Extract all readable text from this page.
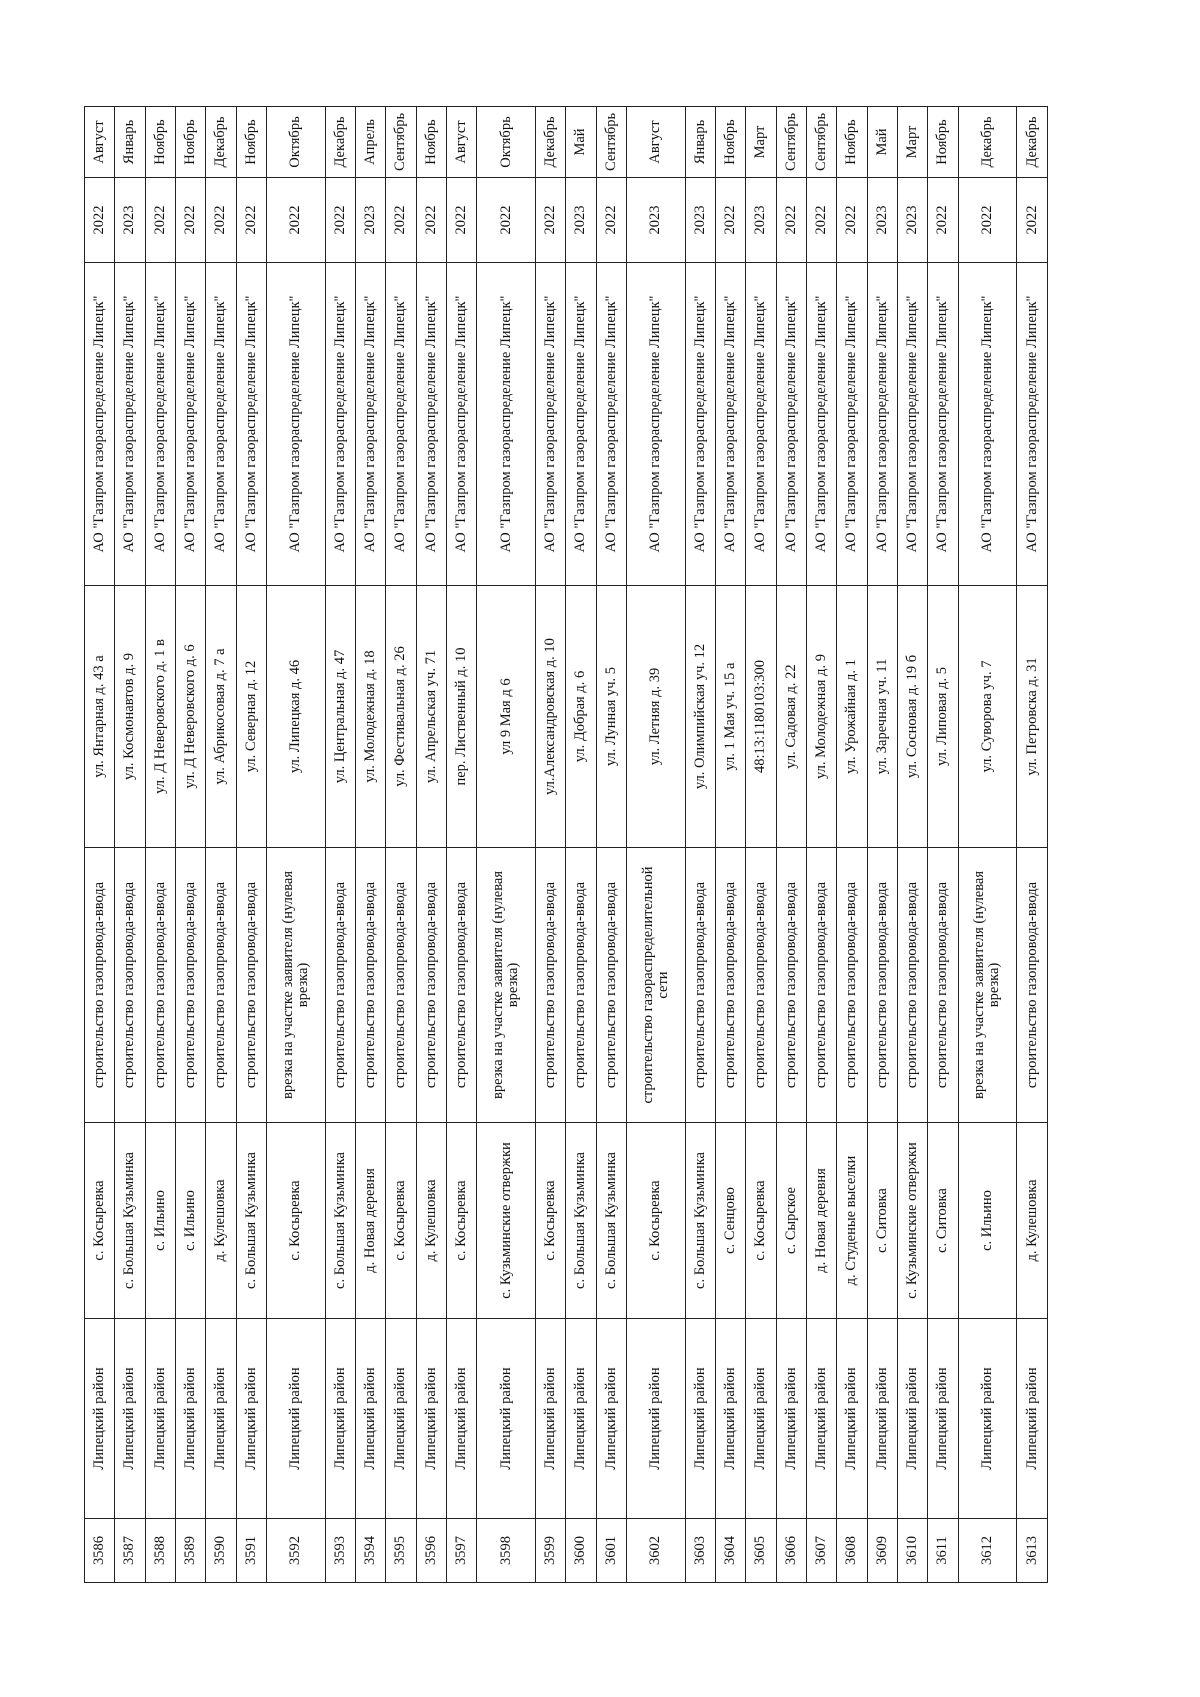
3586	Липецкий район	с. Косыревка	строительство газопровода-ввода	ул. Янтарная д. 43 а	АО "Газпром газораспределение Липецк"	2022	Август
3587	Липецкий район	с. Большая Кузьминка	строительство газопровода-ввода	ул. Космонавтов д. 9	АО "Газпром газораспределение Липецк"	2023	Январь
3588	Липецкий район	с. Ильино	строительство газопровода-ввода	ул. Д Неверовского д. 1 в	АО "Газпром газораспределение Липецк"	2022	Ноябрь
3589	Липецкий район	с. Ильино	строительство газопровода-ввода	ул. Д Неверовского д. 6	АО "Газпром газораспределение Липецк"	2022	Ноябрь
3590	Липецкий район	д. Кулешовка	строительство газопровода-ввода	ул. Абрикосовая д. 7 а	АО "Газпром газораспределение Липецк"	2022	Декабрь
3591	Липецкий район	с. Большая Кузьминка	строительство газопровода-ввода	ул. Северная д. 12	АО "Газпром газораспределение Липецк"	2022	Ноябрь
3592	Липецкий район	с. Косыревка	врезка на участке заявителя (нулевая врезка)	ул. Липецкая д. 46	АО "Газпром газораспределение Липецк"	2022	Октябрь
3593	Липецкий район	с. Большая Кузьминка	строительство газопровода-ввода	ул. Центральная д. 47	АО "Газпром газораспределение Липецк"	2022	Декабрь
3594	Липецкий район	д. Новая деревня	строительство газопровода-ввода	ул. Молодежная д. 18	АО "Газпром газораспределение Липецк"	2023	Апрель
3595	Липецкий район	с. Косыревка	строительство газопровода-ввода	ул. Фестивальная д. 26	АО "Газпром газораспределение Липецк"	2022	Сентябрь
3596	Липецкий район	д. Кулешовка	строительство газопровода-ввода	ул. Апрельская уч. 71	АО "Газпром газораспределение Липецк"	2022	Ноябрь
3597	Липецкий район	с. Косыревка	строительство газопровода-ввода	пер. Лиственный д. 10	АО "Газпром газораспределение Липецк"	2022	Август
3598	Липецкий район	с. Кузьминские отвержки	врезка на участке заявителя (нулевая врезка)	ул 9 Мая д 6	АО "Газпром газораспределение Липецк"	2022	Октябрь
3599	Липецкий район	с. Косыревка	строительство газопровода-ввода	ул.Александровская д. 10	АО "Газпром газораспределение Липецк"	2022	Декабрь
3600	Липецкий район	с. Большая Кузьминка	строительство газопровода-ввода	ул. Добрая д. 6	АО "Газпром газораспределение Липецк"	2023	Май
3601	Липецкий район	с. Большая Кузьминка	строительство газопровода-ввода	ул. Лунная уч. 5	АО "Газпром газораспределение Липецк"	2022	Сентябрь
3602	Липецкий район	с. Косыревка	строительство газораспределительной сети	ул. Летняя д. 39	АО "Газпром газораспределение Липецк"	2023	Август
3603	Липецкий район	с. Большая Кузьминка	строительство газопровода-ввода	ул. Олимпийская уч. 12	АО "Газпром газораспределение Липецк"	2023	Январь
3604	Липецкий район	с. Сенцово	строительство газопровода-ввода	ул. 1 Мая уч. 15 а	АО "Газпром газораспределение Липецк"	2022	Ноябрь
3605	Липецкий район	с. Косыревка	строительство газопровода-ввода	48:13:1180103:300	АО "Газпром газораспределение Липецк"	2023	Март
3606	Липецкий район	с. Сырское	строительство газопровода-ввода	ул. Садовая д. 22	АО "Газпром газораспределение Липецк"	2022	Сентябрь
3607	Липецкий район	д. Новая деревня	строительство газопровода-ввода	ул. Молодежная д. 9	АО "Газпром газораспределение Липецк"	2022	Сентябрь
3608	Липецкий район	д. Студеные выселки	строительство газопровода-ввода	ул. Урожайная д. 1	АО "Газпром газораспределение Липецк"	2022	Ноябрь
3609	Липецкий район	с. Ситовка	строительство газопровода-ввода	ул. Заречная уч. 11	АО "Газпром газораспределение Липецк"	2023	Май
3610	Липецкий район	с. Кузьминские отвержки	строительство газопровода-ввода	ул. Сосновая д. 19 б	АО "Газпром газораспределение Липецк"	2023	Март
3611	Липецкий район	с. Ситовка	строительство газопровода-ввода	ул. Липовая д. 5	АО "Газпром газораспределение Липецк"	2022	Ноябрь
3612	Липецкий район	с. Ильино	врезка на участке заявителя (нулевая врезка)	ул. Суворова уч. 7	АО "Газпром газораспределение Липецк"	2022	Декабрь
3613	Липецкий район	д. Кулешовка	строительство газопровода-ввода	ул. Петровска д. 31	АО "Газпром газораспределение Липецк"	2022	Декабрь
